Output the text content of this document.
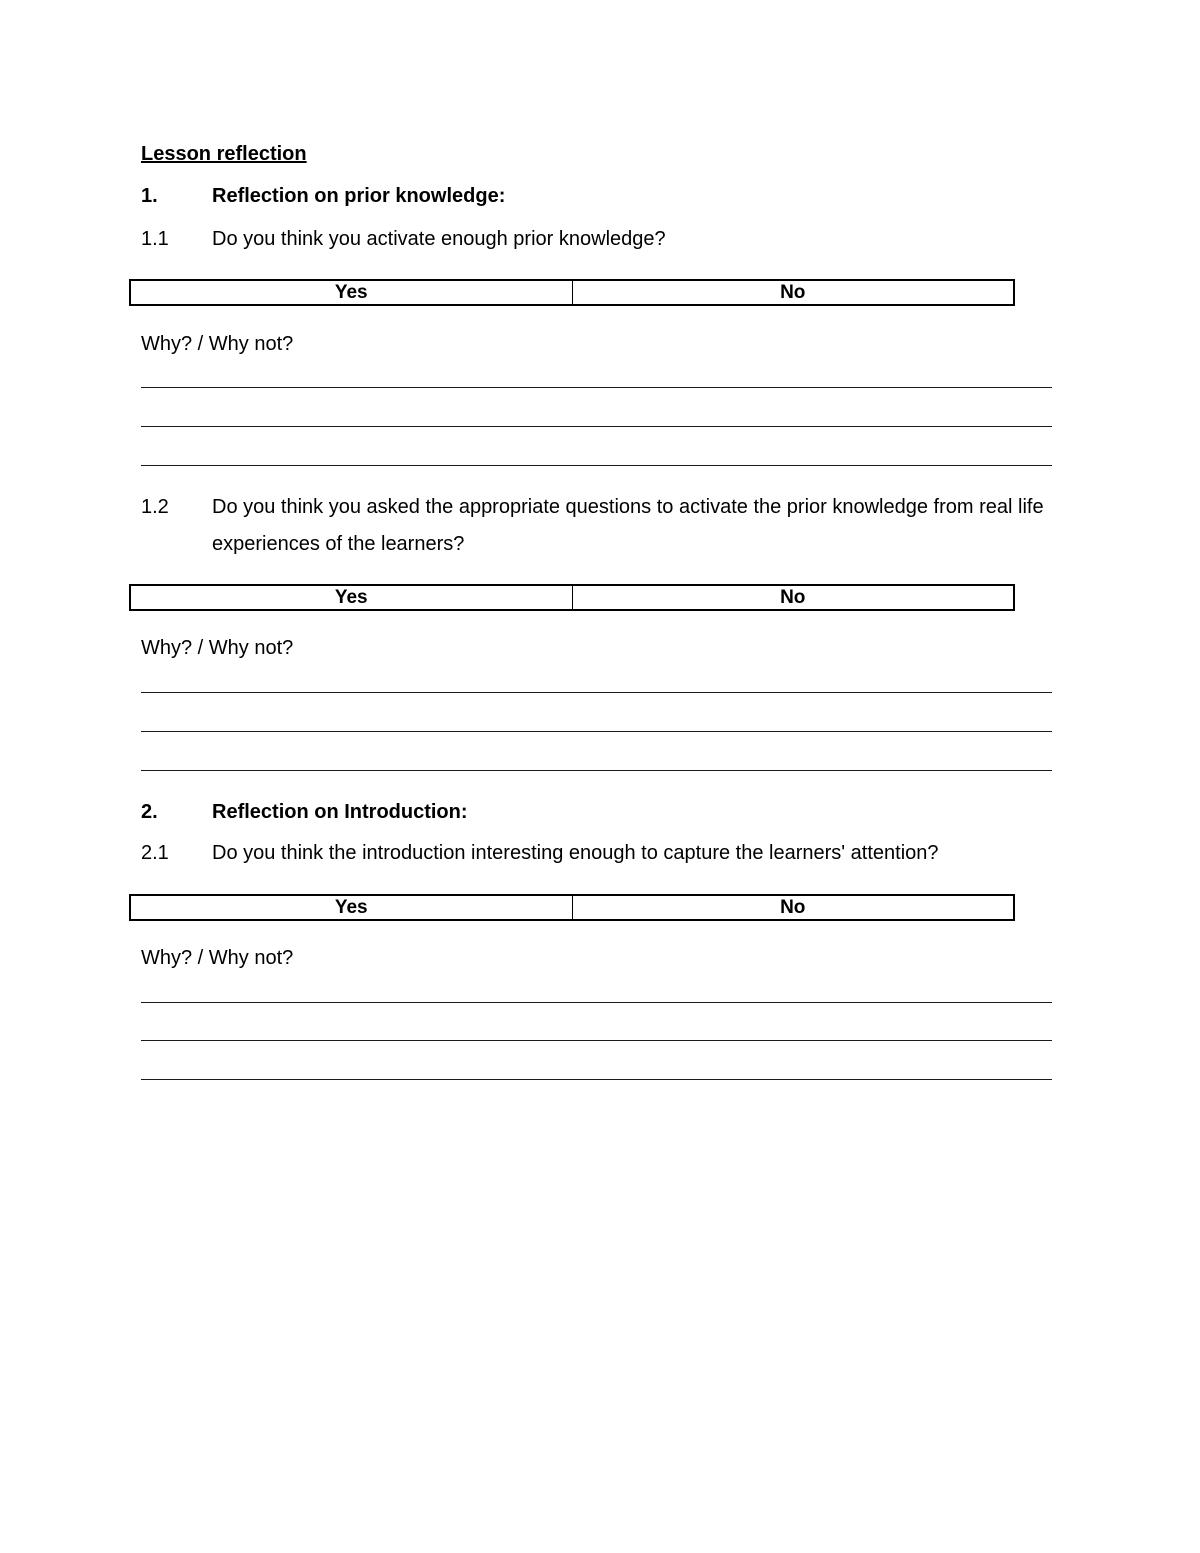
Lesson reflection
1.	Reflection on prior knowledge:
1.1	Do you think you activate enough prior knowledge?
Yes	No

Why? / Why not?

1.2 Do you think you asked the appropriate questions to activate the prior knowledge from real life experiences of the learners?
Yes	No

Why? / Why not?

2.	Reflection on Introduction:
2.1	Do you think the introduction interesting enough to capture the learners' attention?
Yes	No

Why? / Why not?
